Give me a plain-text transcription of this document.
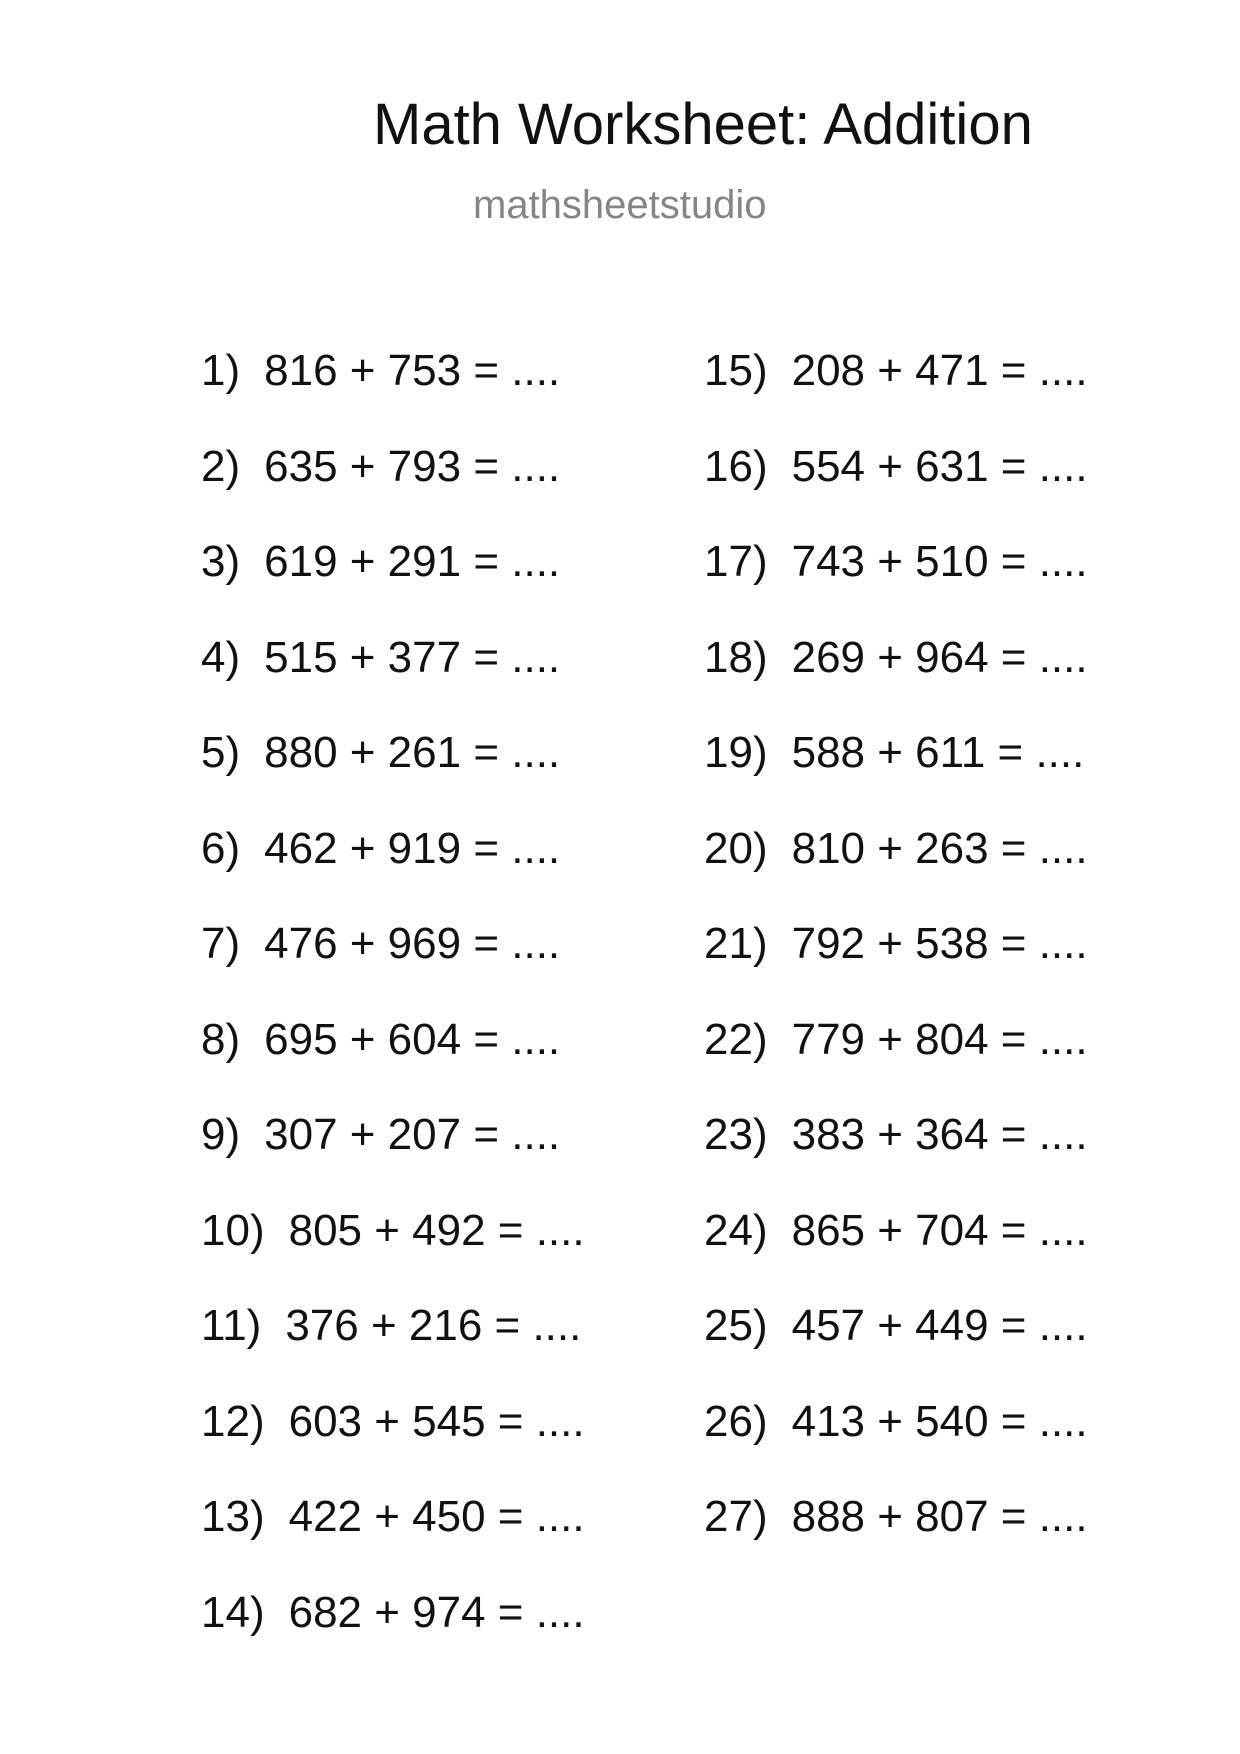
Math Worksheet: Addition
mathsheetstudio
1) 816 + 753 = ....
2) 635 + 793 = ....
3) 619 + 291 = ....
4) 515 + 377 = ....
5) 880 + 261 = ....
6) 462 + 919 = ....
7) 476 + 969 = ....
8) 695 + 604 = ....
9) 307 + 207 = ....
10) 805 + 492 = ....
11) 376 + 216 = ....
12) 603 + 545 = ....
13) 422 + 450 = ....
14) 682 + 974 = ....
15) 208 + 471 = ....
16) 554 + 631 = ....
17) 743 + 510 = ....
18) 269 + 964 = ....
19) 588 + 611 = ....
20) 810 + 263 = ....
21) 792 + 538 = ....
22) 779 + 804 = ....
23) 383 + 364 = ....
24) 865 + 704 = ....
25) 457 + 449 = ....
26) 413 + 540 = ....
27) 888 + 807 = ....
